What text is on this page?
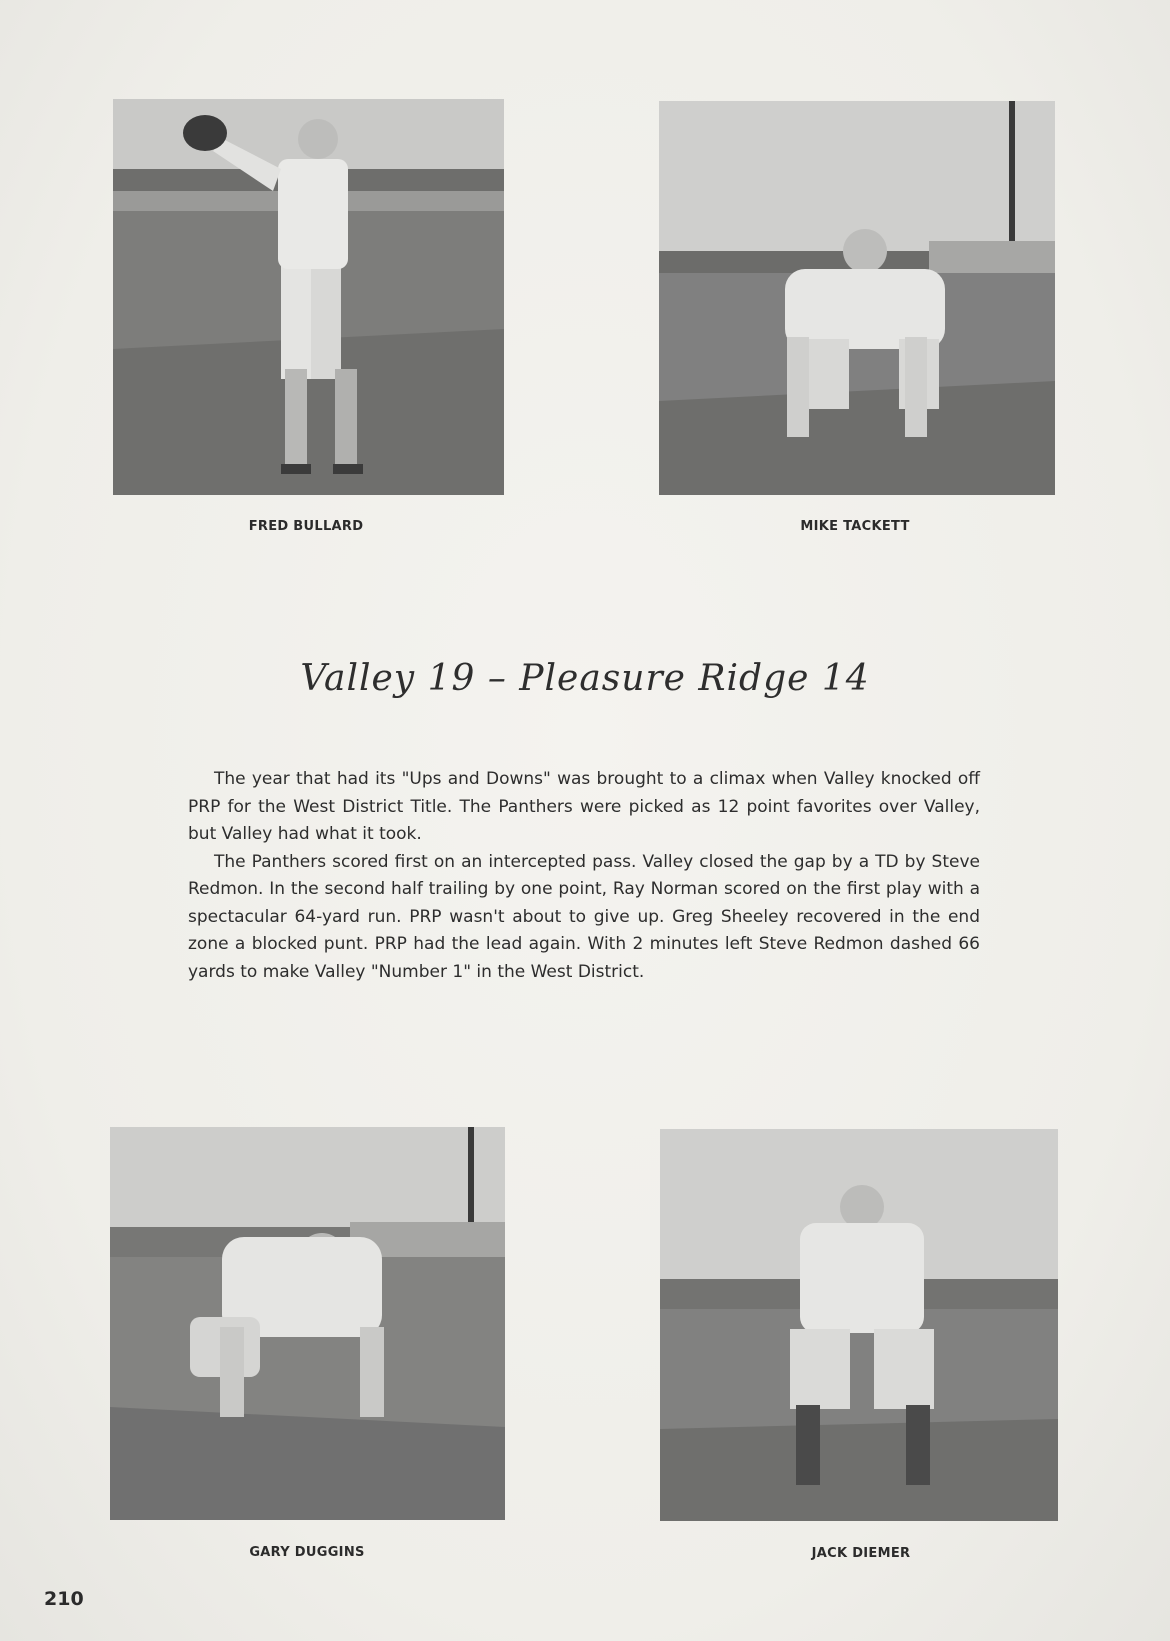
FRED BULLARD	MIKE TACKETT
Valley 19 – Pleasure Ridge 14

The year that had its "Ups and Downs" was brought to a climax when Valley knocked off PRP for the West District Title. The Panthers were picked as 12 point favorites over Valley, but Valley had what it took.

The Panthers scored first on an intercepted pass. Valley closed the gap by a TD by Steve Redmon. In the second half trailing by one point, Ray Norman scored on the first play with a spectacular 64-yard run. PRP wasn't about to give up. Greg Sheeley recovered in the end zone a blocked punt. PRP had the lead again. With 2 minutes left Steve Redmon dashed 66 yards to make Valley "Number 1" in the West District.

GARY DUGGINS	JACK DIEMER
210
